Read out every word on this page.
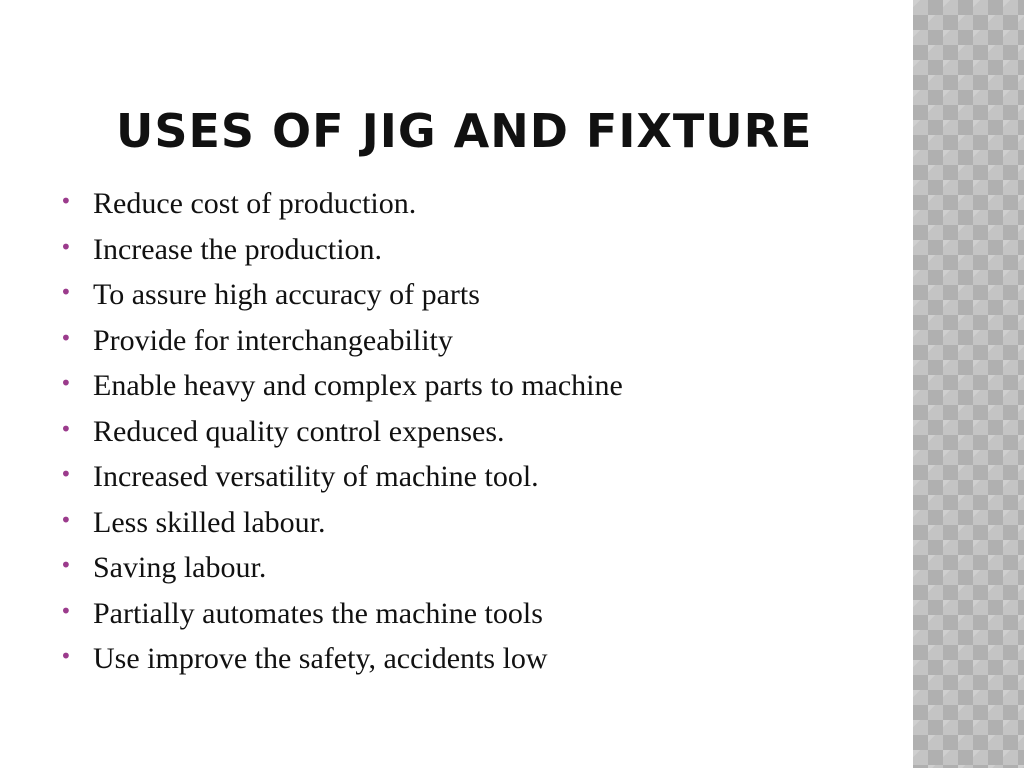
USES OF JIG AND FIXTURE
• Reduce cost of production.
• Increase the production.
• To assure high accuracy of parts
• Provide for interchangeability
• Enable heavy and complex parts to machine
• Reduced quality control expenses.
• Increased versatility of machine tool.
• Less skilled labour.
• Saving labour.
• Partially automates the machine tools
• Use improve the safety, accidents low
